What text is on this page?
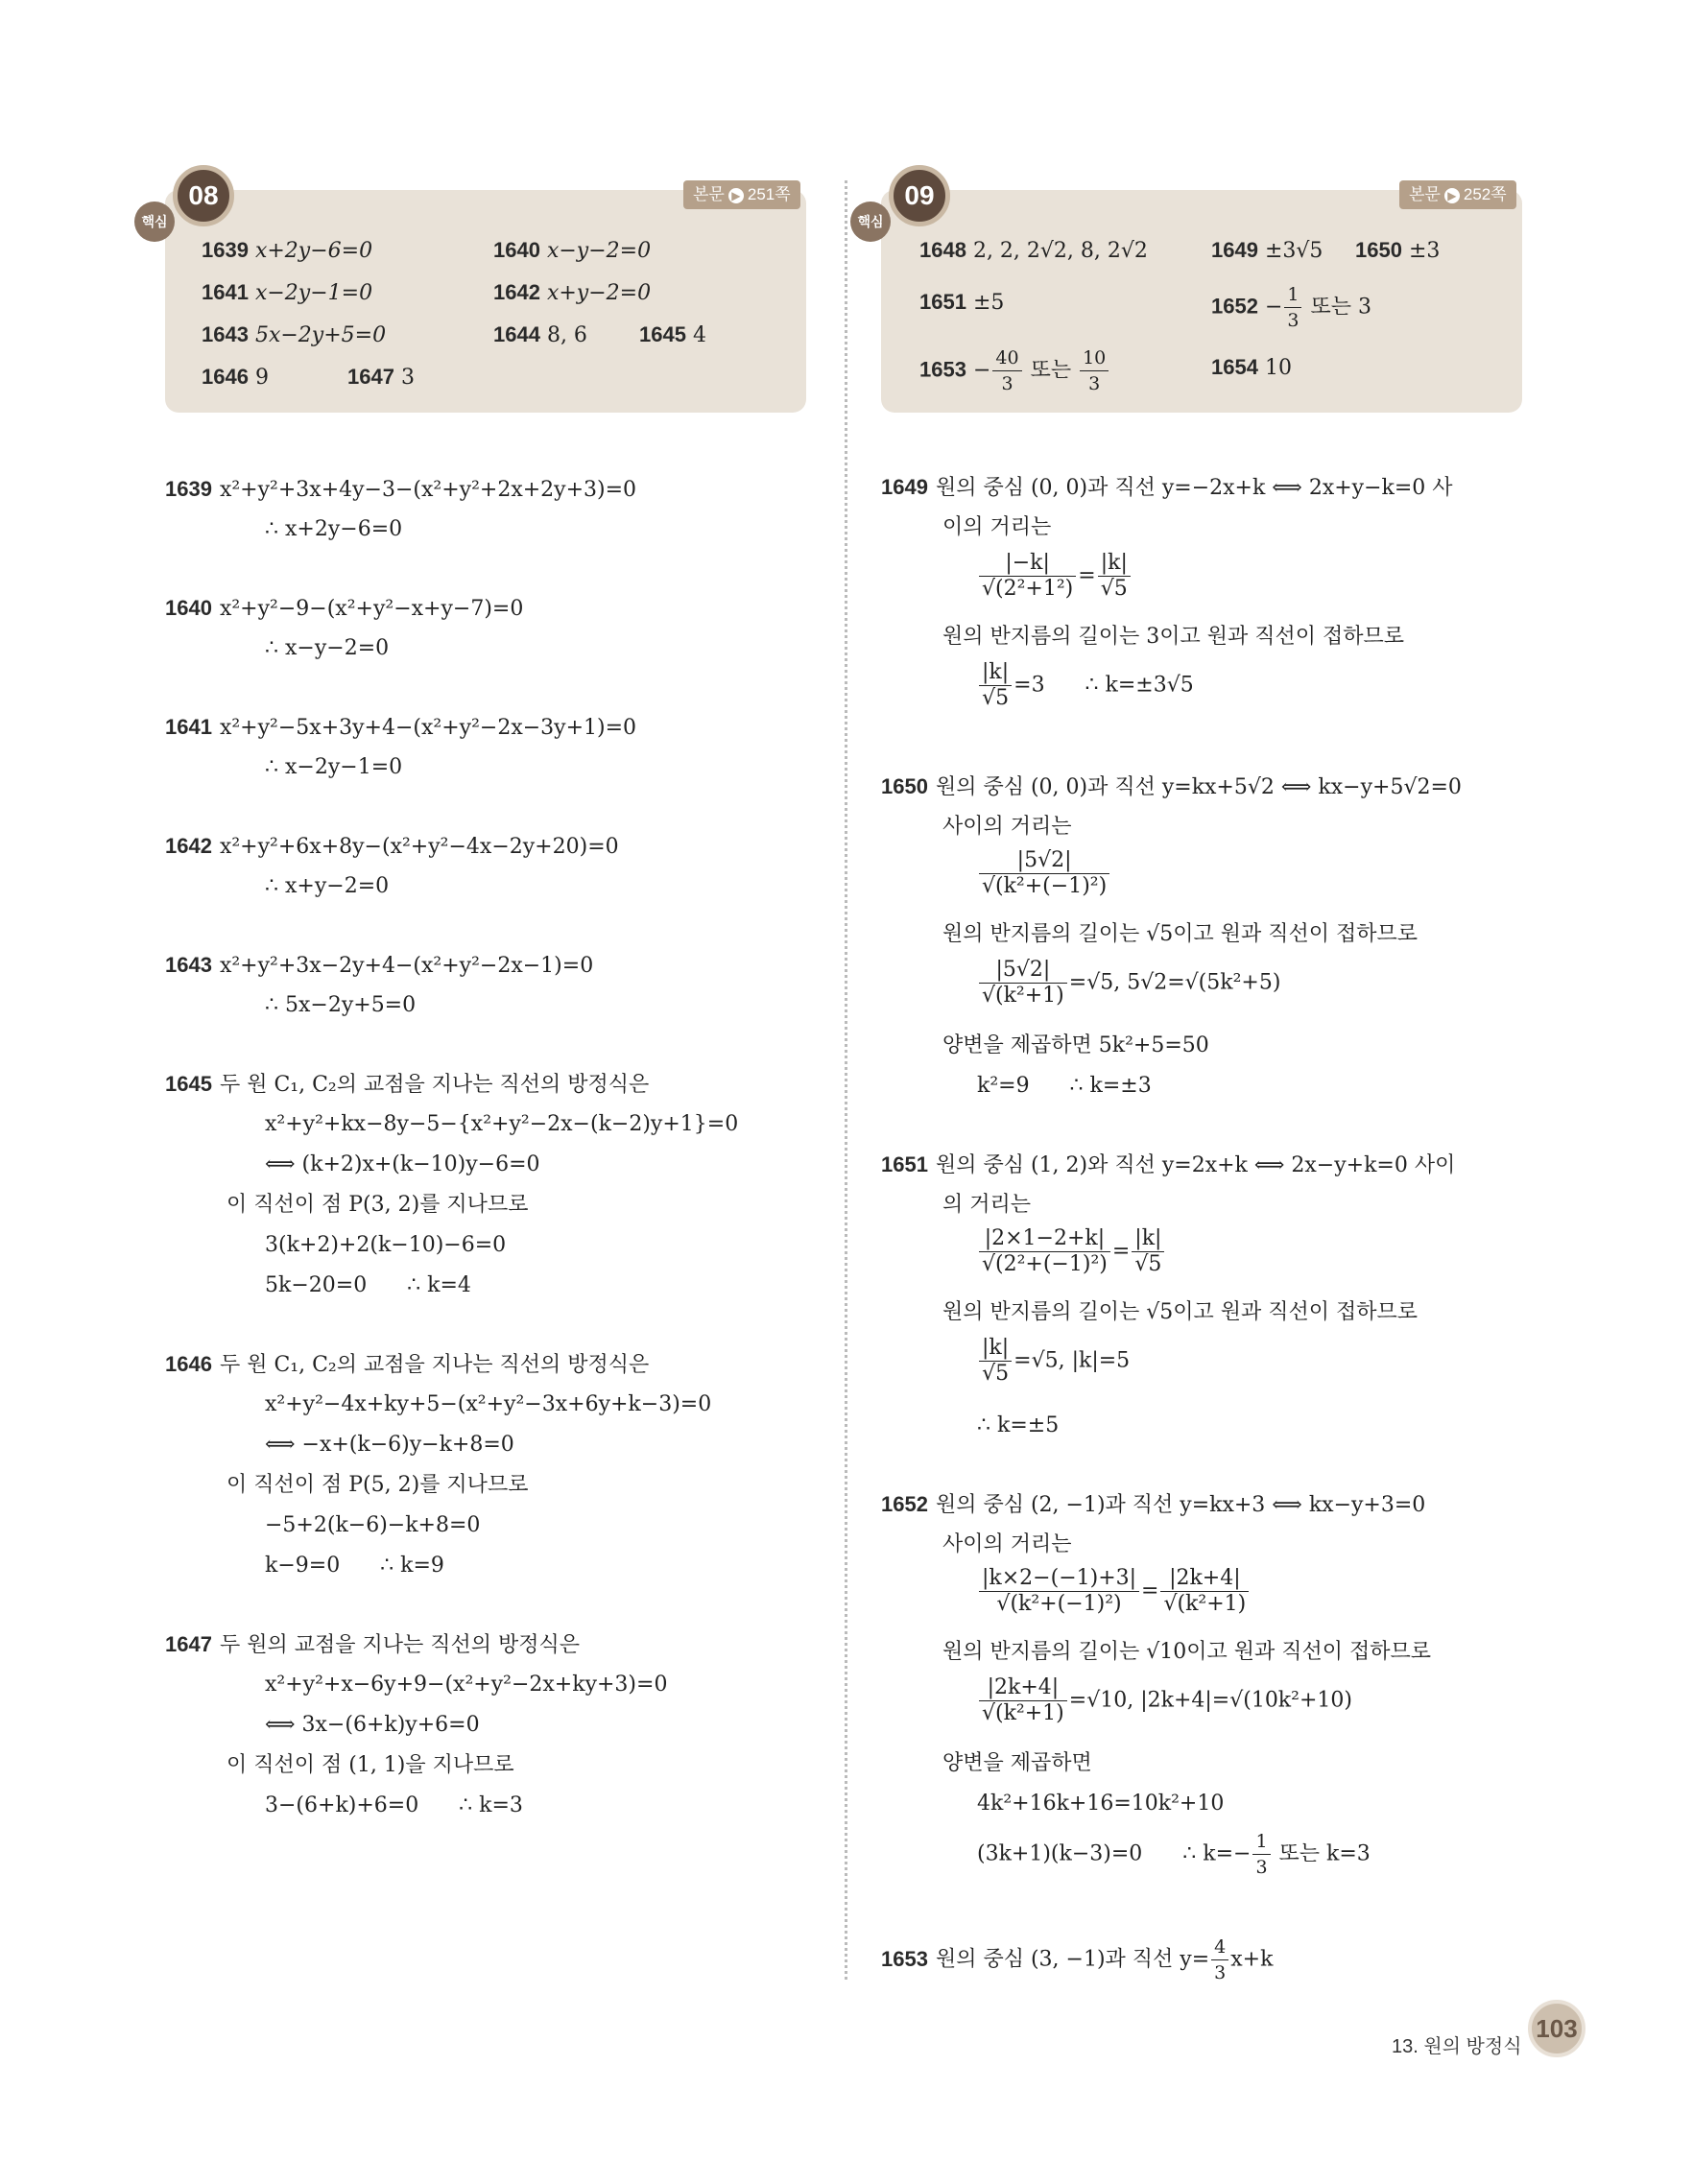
핵심
08	본문 ▶ 251쪽
1639 x+2y−6=0	1640 x−y−2=0
1641 x−2y−1=0	1642 x+y−2=0
1643 5x−2y+5=0	1644 8, 6 1645 4
1646 9	1647 3
핵심
09	본문 ▶ 252쪽
1648 2, 2, 2√2, 8, 2√2	1649 ±3√5 1650 ±3
1651 ±5	$1652 - \frac{1}{3}$ 또는 3
$1653 - \frac{40}{3}$ 또는 $\frac{10}{3}$	1654 10
1639 x²+y²+3x+4y−3−(x²+y²+2x+2y+3)=0
∴ x+2y−6=0
1640 x²+y²−9−(x²+y²−x+y−7)=0
∴ x−y−2=0
1641 x²+y²−5x+3y+4−(x²+y²−2x−3y+1)=0
∴ x−2y−1=0
1642 x²+y²+6x+8y−(x²+y²−4x−2y+20)=0
∴ x+y−2=0
1643 x²+y²+3x−2y+4−(x²+y²−2x−1)=0
∴ 5x−2y+5=0
1645 두 원 C₁, C₂의 교점을 지나는 직선의 방정식은
x²+y²+kx−8y−5−{x²+y²−2x−(k−2)y+1}=0
⟺ (k+2)x+(k−10)y−6=0
이 직선이 점 P(3, 2)를 지나므로
3(k+2)+2(k−10)−6=0
5k−20=0      ∴ k=4
1646 두 원 C₁, C₂의 교점을 지나는 직선의 방정식은
x²+y²−4x+ky+5−(x²+y²−3x+6y+k−3)=0
⟺ −x+(k−6)y−k+8=0
이 직선이 점 P(5, 2)를 지나므로
−5+2(k−6)−k+8=0
k−9=0      ∴ k=9
1647 두 원의 교점을 지나는 직선의 방정식은
x²+y²+x−6y+9−(x²+y²−2x+ky+3)=0
⟺ 3x−(6+k)y+6=0
이 직선이 점 (1, 1)을 지나므로
3−(6+k)+6=0      ∴ k=3
1649 원의 중심 (0, 0)과 직선 y=−2x+k ⟺ 2x+y−k=0 사
이의 거리는
$\frac{|-k|}{\text{√(2²+1²)}} = \frac{|k|}{√5}$
원의 반지름의 길이는 3이고 원과 직선이 접하므로
$\frac{|k|}{√5} =3$      ∴ k=±3√5
1650 원의 중심 (0, 0)과 직선 y=kx+5√2 ⟺ kx−y+5√2=0
사이의 거리는
$\frac{|5√2|}{\text{√(k²+(−1)²)}}$
원의 반지름의 길이는 √5이고 원과 직선이 접하므로
$\frac{|5√2|}{\text{√(k²+1)}} =√5$, 5√2=√(5k²+5)
양변을 제곱하면 5k²+5=50
k²=9      ∴ k=±3
1651 원의 중심 (1, 2)와 직선 y=2x+k ⟺ 2x−y+k=0 사이
의 거리는
$\frac{|2\times 1-2+k|}{\text{√(2²+(−1)²)}} = \frac{|k|}{√5}$
원의 반지름의 길이는 √5이고 원과 직선이 접하므로
$\frac{|k|}{√5} =√5$, |k|=5
∴ k=±5
1652 원의 중심 (2, −1)과 직선 y=kx+3 ⟺ kx−y+3=0
사이의 거리는
$\frac{|k\times 2-(-1)+3|}{\text{√(k²+(−1)²)}} = \frac{|2k+4|}{\text{√(k²+1)}}$
원의 반지름의 길이는 √10이고 원과 직선이 접하므로
$\frac{|2k+4|}{\text{√(k²+1)}} =√10$, |2k+4|=√(10k²+10)
양변을 제곱하면
4k²+16k+16=10k²+10
(3k+1)(k−3)=0      ∴ $k=- \frac{1}{3}$ 또는 k=3
1653 원의 중심 (3, −1)과 직선 $y= \frac{4}{3} x+k$
13. 원의 방정식
103
